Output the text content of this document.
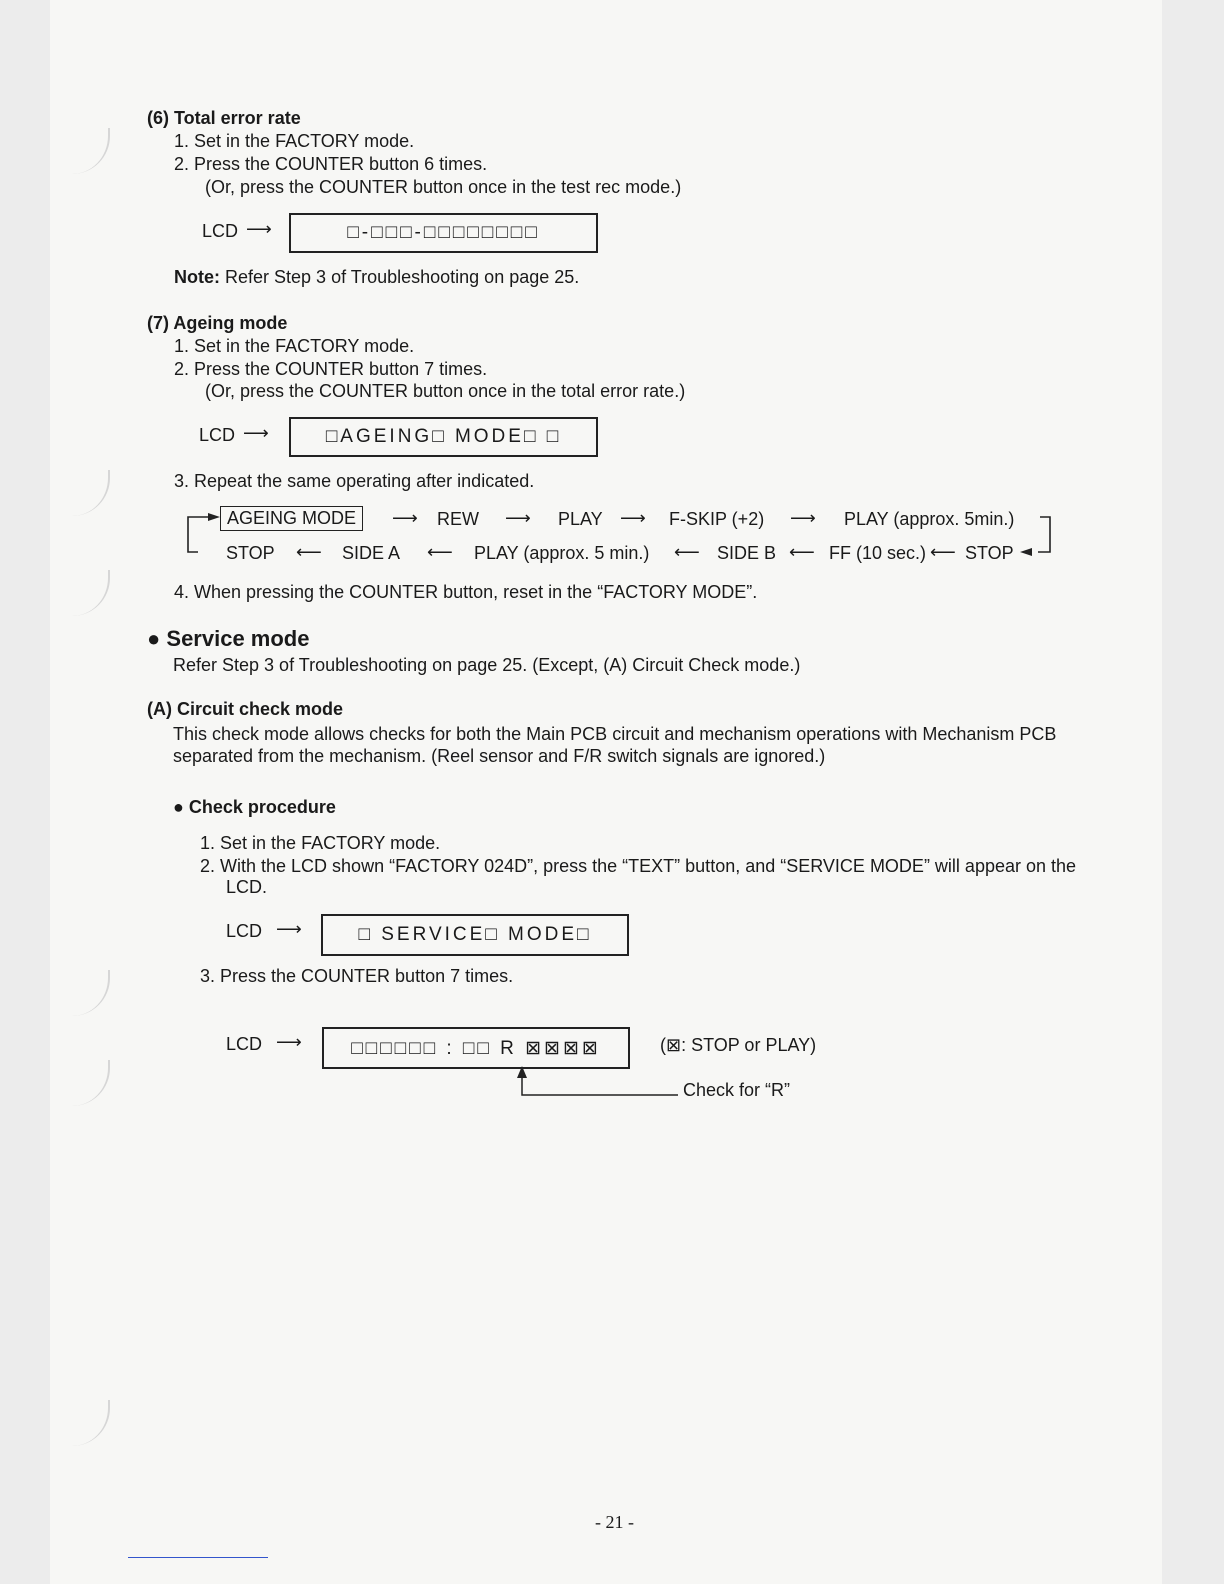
(6) Total error rate
1. Set in the FACTORY mode.
2. Press the COUNTER button 6 times.
(Or, press the COUNTER button once in the test rec mode.)
LCD ⟶	□-□□□-□□□□□□□□
Note: Refer Step 3 of Troubleshooting on page 25.
(7) Ageing mode
1. Set in the FACTORY mode.
2. Press the COUNTER button 7 times.
(Or, press the COUNTER button once in the total error rate.)
LCD ⟶	□AGEING□ MODE□ □
3. Repeat the same operating after indicated.
AGEING MODE	⟶ REW ⟶ PLAY ⟶ F-SKIP (+2) ⟶ PLAY (approx. 5min.)
STOP ⟵ SIDE A ⟵ PLAY (approx. 5 min.) ⟵ SIDE B ⟵ FF (10 sec.) ⟵ STOP
4. When pressing the COUNTER button, reset in the “FACTORY MODE”.
● Service mode
Refer Step 3 of Troubleshooting on page 25. (Except, (A) Circuit Check mode.)
(A) Circuit check mode
This check mode allows checks for both the Main PCB circuit and mechanism operations with Mechanism PCB
separated from the mechanism. (Reel sensor and F/R switch signals are ignored.)
● Check procedure
1. Set in the FACTORY mode.
2. With the LCD shown “FACTORY 024D”, press the “TEXT” button, and “SERVICE MODE” will appear on the
LCD.
LCD ⟶	□ SERVICE□ MODE□
3. Press the COUNTER button 7 times.
LCD ⟶	□□□□□□ : □□ R ⊠⊠⊠⊠	(⊠: STOP or PLAY)
Check for “R”
- 21 -
